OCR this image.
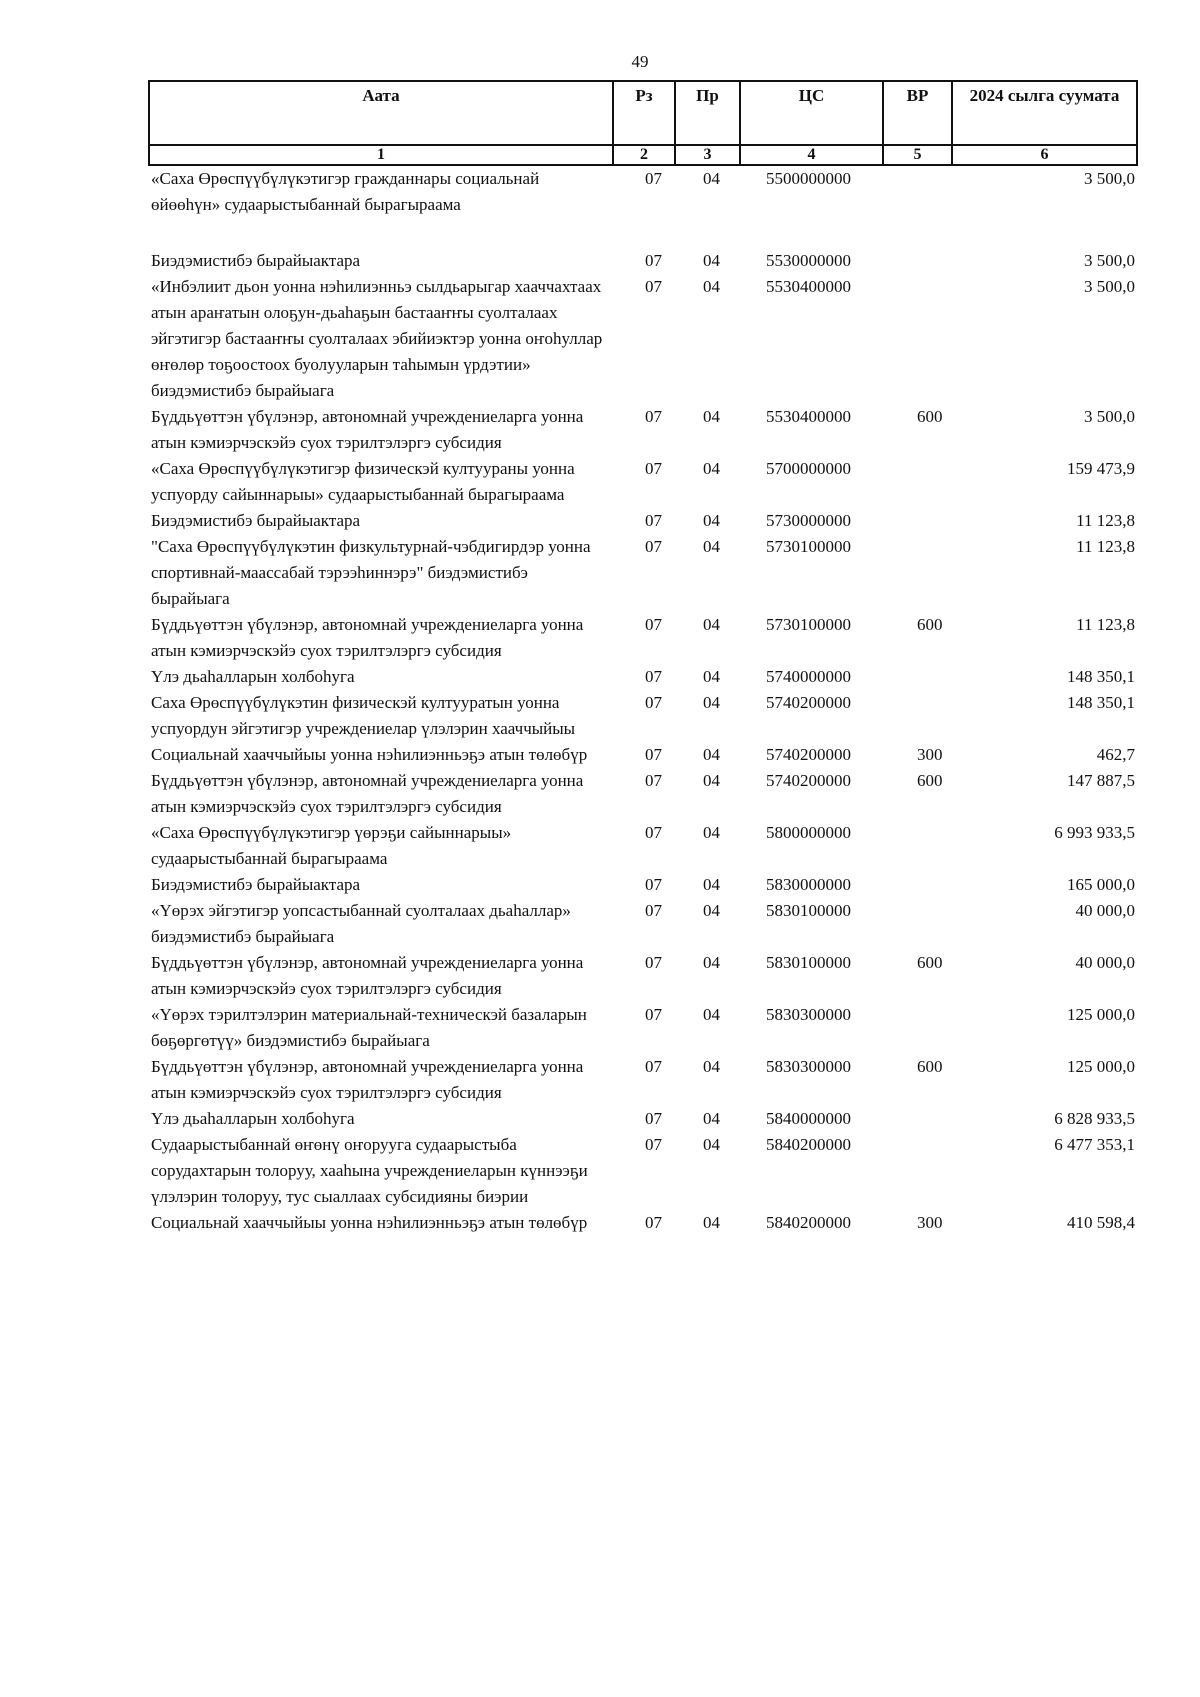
49
Аата	Рз	Пр	ЦС	ВР	2024 сылга суумата
1	2	3	4	5	6
«Саха Өрөспүүбүлүкэтигэр гражданнары социальнай өйөөһүн» судаарыстыбаннай бырагыраама	07	04	5500000000		3 500,0

Биэдэмистибэ бырайыактара	07	04	5530000000		3 500,0
«Инбэлиит дьон уонна нэһилиэнньэ сылдьарыгар хааччахтаах атын араҥатын олоҕун-дьаһаҕын бастааҥҥы суолталаах эйгэтигэр бастааҥҥы суолталаах эбийиэктэр уонна оҥоһуллар өҥөлөр тоҕоостоох буолууларын таһымын үрдэтии» биэдэмистибэ бырайыага	07	04	5530400000		3 500,0
Бүддьүөттэн үбүлэнэр, автономнай учреждениеларга уонна атын кэмиэрчэскэйэ суох тэрилтэлэргэ субсидия	07	04	5530400000	600	3 500,0
«Саха Өрөспүүбүлүкэтигэр физическэй култуураны уонна успуорду сайыннарыы» судаарыстыбаннай бырагыраама	07	04	5700000000		159 473,9
Биэдэмистибэ бырайыактара	07	04	5730000000		11 123,8
"Саха Өрөспүүбүлүкэтин физкультурнай-чэбдигирдэр уонна спортивнай-маассабай тэрээһиннэрэ" биэдэмистибэ бырайыага	07	04	5730100000		11 123,8
Бүддьүөттэн үбүлэнэр, автономнай учреждениеларга уонна атын кэмиэрчэскэйэ суох тэрилтэлэргэ субсидия	07	04	5730100000	600	11 123,8
Үлэ дьаһалларын холбоһуга	07	04	5740000000		148 350,1
Саха Өрөспүүбүлүкэтин физическэй култууратын уонна успуордун эйгэтигэр учреждениелар үлэлэрин хааччыйыы	07	04	5740200000		148 350,1
Социальнай хааччыйыы уонна нэһилиэнньэҕэ атын төлөбүр	07	04	5740200000	300	462,7
Бүддьүөттэн үбүлэнэр, автономнай учреждениеларга уонна атын кэмиэрчэскэйэ суох тэрилтэлэргэ субсидия	07	04	5740200000	600	147 887,5
«Саха Өрөспүүбүлүкэтигэр үөрэҕи сайыннарыы» судаарыстыбаннай бырагыраама	07	04	5800000000		6 993 933,5
Биэдэмистибэ бырайыактара	07	04	5830000000		165 000,0
«Үөрэх эйгэтигэр уопсастыбаннай суолталаах дьаһаллар» биэдэмистибэ бырайыага	07	04	5830100000		40 000,0
Бүддьүөттэн үбүлэнэр, автономнай учреждениеларга уонна атын кэмиэрчэскэйэ суох тэрилтэлэргэ субсидия	07	04	5830100000	600	40 000,0
«Үөрэх тэрилтэлэрин материальнай-техническэй базаларын бөҕөргөтүү» биэдэмистибэ бырайыага	07	04	5830300000		125 000,0
Бүддьүөттэн үбүлэнэр, автономнай учреждениеларга уонна атын кэмиэрчэскэйэ суох тэрилтэлэргэ субсидия	07	04	5830300000	600	125 000,0
Үлэ дьаһалларын холбоһуга	07	04	5840000000		6 828 933,5
Судаарыстыбаннай өҥөнү оҥорууга судаарыстыба сорудахтарын толоруу, хааһына учреждениеларын күннээҕи үлэлэрин толоруу, тус сыаллаах субсидияны биэрии	07	04	5840200000		6 477 353,1
Социальнай хааччыйыы уонна нэһилиэнньэҕэ атын төлөбүр	07	04	5840200000	300	410 598,4
